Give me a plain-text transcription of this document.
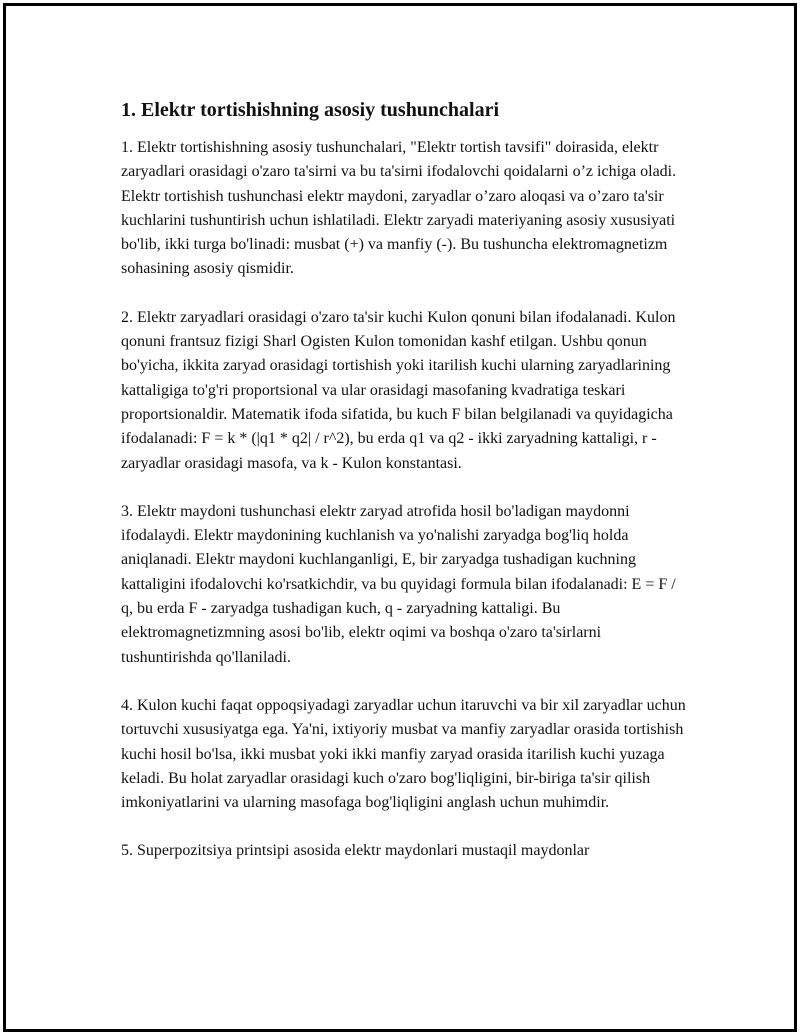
1. Elektr tortishishning asosiy tushunchalari

1. Elektr tortishishning asosiy tushunchalari, "Elektr tortish tavsifi" doirasida, elektr zaryadlari orasidagi o'zaro ta'sirni va bu ta'sirni ifodalovchi qoidalarni o’z ichiga oladi. Elektr tortishish tushunchasi elektr maydoni, zaryadlar o’zaro aloqasi va o’zaro ta'sir kuchlarini tushuntirish uchun ishlatiladi. Elektr zaryadi materiyaning asosiy xususiyati bo'lib, ikki turga bo'linadi: musbat (+) va manfiy (-). Bu tushuncha elektromagnetizm sohasining asosiy qismidir.

2. Elektr zaryadlari orasidagi o'zaro ta'sir kuchi Kulon qonuni bilan ifodalanadi. Kulon qonuni frantsuz fizigi Sharl Ogisten Kulon tomonidan kashf etilgan. Ushbu qonun bo'yicha, ikkita zaryad orasidagi tortishish yoki itarilish kuchi ularning zaryadlarining kattaligiga to'g'ri proportsional va ular orasidagi masofaning kvadratiga teskari proportsionaldir. Matematik ifoda sifatida, bu kuch F bilan belgilanadi va quyidagicha ifodalanadi: F = k * (|q1 * q2| / r^2), bu erda q1 va q2 - ikki zaryadning kattaligi, r - zaryadlar orasidagi masofa, va k - Kulon konstantasi.

3. Elektr maydoni tushunchasi elektr zaryad atrofida hosil bo'ladigan maydonni ifodalaydi. Elektr maydonining kuchlanish va yo'nalishi zaryadga bog'liq holda aniqlanadi. Elektr maydoni kuchlanganligi, E, bir zaryadga tushadigan kuchning kattaligini ifodalovchi ko'rsatkichdir, va bu quyidagi formula bilan ifodalanadi: E = F / q, bu erda F - zaryadga tushadigan kuch, q - zaryadning kattaligi. Bu elektromagnetizmning asosi bo'lib, elektr oqimi va boshqa o'zaro ta'sirlarni tushuntirishda qo'llaniladi.

4. Kulon kuchi faqat oppoqsiyadagi zaryadlar uchun itaruvchi va bir xil zaryadlar uchun tortuvchi xususiyatga ega. Ya'ni, ixtiyoriy musbat va manfiy zaryadlar orasida tortishish kuchi hosil bo'lsa, ikki musbat yoki ikki manfiy zaryad orasida itarilish kuchi yuzaga keladi. Bu holat zaryadlar orasidagi kuch o'zaro bog'liqligini, bir-biriga ta'sir qilish imkoniyatlarini va ularning masofaga bog'liqligini anglash uchun muhimdir.

5. Superpozitsiya printsipi asosida elektr maydonlari mustaqil maydonlar
